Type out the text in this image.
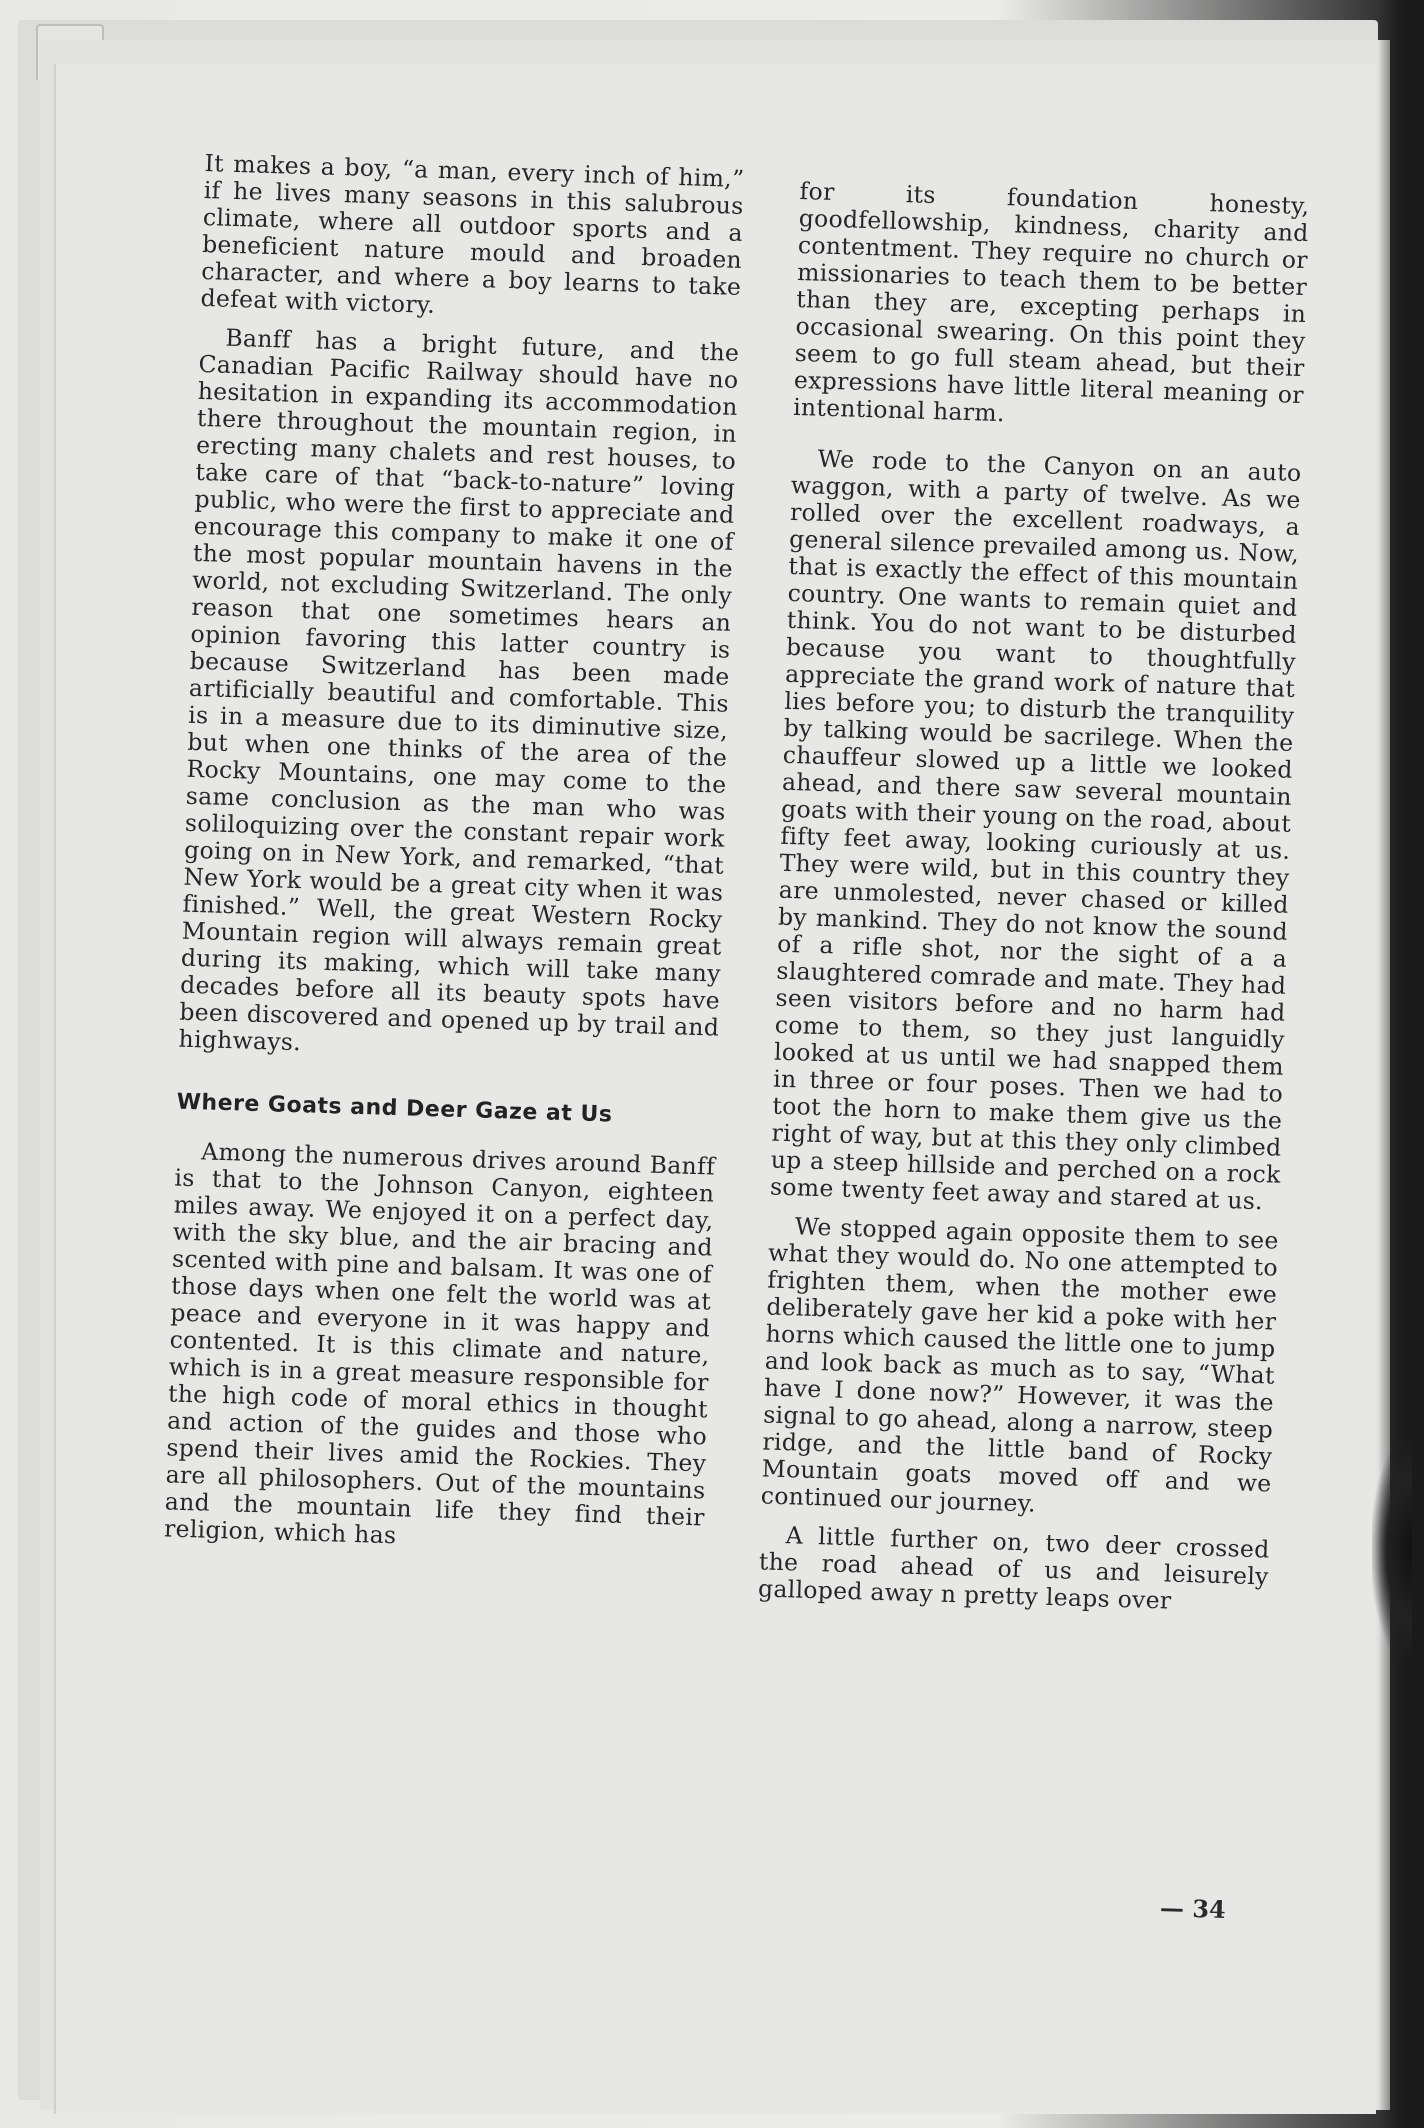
It makes a boy, “a man, every inch of him,” if he lives many seasons in this salubrous climate, where all outdoor sports and a beneficient nature mould and broaden character, and where a boy learns to take defeat with victory.

Banff has a bright future, and the Canadian Pacific Railway should have no hesitation in expanding its accommodation there throughout the mountain region, in erecting many chalets and rest houses, to take care of that “back-to-nature” loving public, who were the first to appreciate and encourage this company to make it one of the most popular mountain havens in the world, not excluding Switzerland. The only reason that one sometimes hears an opinion favoring this latter country is because Switzerland has been made artificially beautiful and comfortable. This is in a measure due to its diminutive size, but when one thinks of the area of the Rocky Mountains, one may come to the same conclusion as the man who was soliloquizing over the constant repair work going on in New York, and remarked, “that New York would be a great city when it was finished.” Well, the great Western Rocky Mountain region will always remain great during its making, which will take many decades before all its beauty spots have been discovered and opened up by trail and highways.

Where Goats and Deer Gaze at Us

Among the numerous drives around Banff is that to the Johnson Canyon, eighteen miles away. We enjoyed it on a perfect day, with the sky blue, and the air bracing and scented with pine and balsam. It was one of those days when one felt the world was at peace and everyone in it was happy and contented. It is this climate and nature, which is in a great measure responsible for the high code of moral ethics in thought and action of the guides and those who spend their lives amid the Rockies. They are all philosophers. Out of the mountains and the mountain life they find their religion, which has

for its foundation honesty, goodfellowship, kindness, charity and contentment. They require no church or missionaries to teach them to be better than they are, excepting perhaps in occasional swearing. On this point they seem to go full steam ahead, but their expressions have little literal meaning or intentional harm.

We rode to the Canyon on an auto waggon, with a party of twelve. As we rolled over the excellent roadways, a general silence prevailed among us. Now, that is exactly the effect of this mountain country. One wants to remain quiet and think. You do not want to be disturbed because you want to thoughtfully appreciate the grand work of nature that lies before you; to disturb the tranquility by talking would be sacrilege. When the chauffeur slowed up a little we looked ahead, and there saw several mountain goats with their young on the road, about fifty feet away, looking curiously at us. They were wild, but in this country they are unmolested, never chased or killed by mankind. They do not know the sound of a rifle shot, nor the sight of a a slaughtered comrade and mate. They had seen visitors before and no harm had come to them, so they just languidly looked at us until we had snapped them in three or four poses. Then we had to toot the horn to make them give us the right of way, but at this they only climbed up a steep hillside and perched on a rock some twenty feet away and stared at us.

We stopped again opposite them to see what they would do. No one attempted to frighten them, when the mother ewe deliberately gave her kid a poke with her horns which caused the little one to jump and look back as much as to say, “What have I done now?” However, it was the signal to go ahead, along a narrow, steep ridge, and the little band of Rocky Mountain goats moved off and we continued our journey.

A little further on, two deer crossed the road ahead of us and leisurely galloped away n pretty leaps over

— 34
